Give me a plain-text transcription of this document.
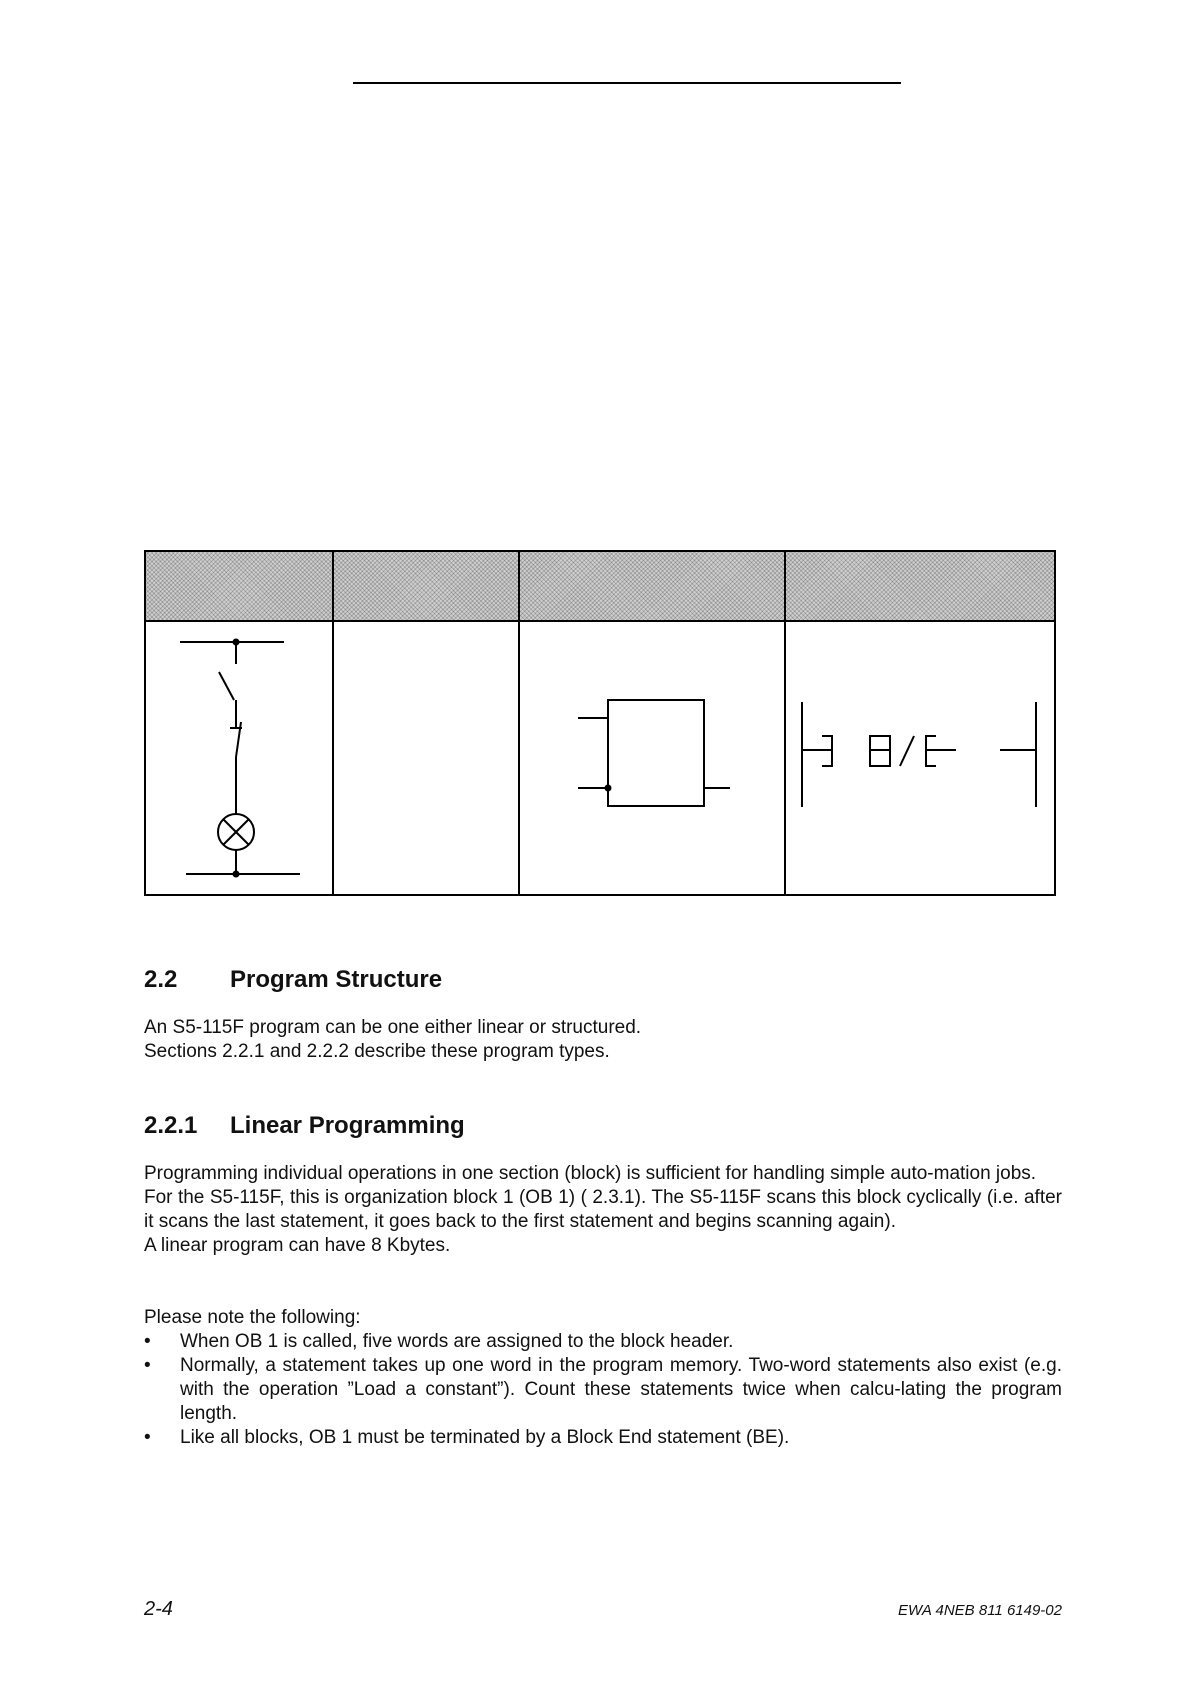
2.2 Program Structure
An S5-115F program can be one either linear or structured.
Sections 2.2.1 and 2.2.2 describe these program types.
2.2.1 Linear Programming
Programming individual operations in one section (block) is sufficient for handling simple auto-mation jobs.
For the S5-115F, this is organization block 1 (OB 1) ( 2.3.1). The S5-115F scans this block cyclically (i.e. after it scans the last statement, it goes back to the first statement and begins scanning again).
A linear program can have 8 Kbytes.
Please note the following:
• When OB 1 is called, five words are assigned to the block header.
• Normally, a statement takes up one word in the program memory. Two-word statements also exist (e.g. with the operation ”Load a constant”). Count these statements twice when calcu-lating the program length.
• Like all blocks, OB 1 must be terminated by a Block End statement (BE).
2-4	EWA 4NEB 811 6149-02
